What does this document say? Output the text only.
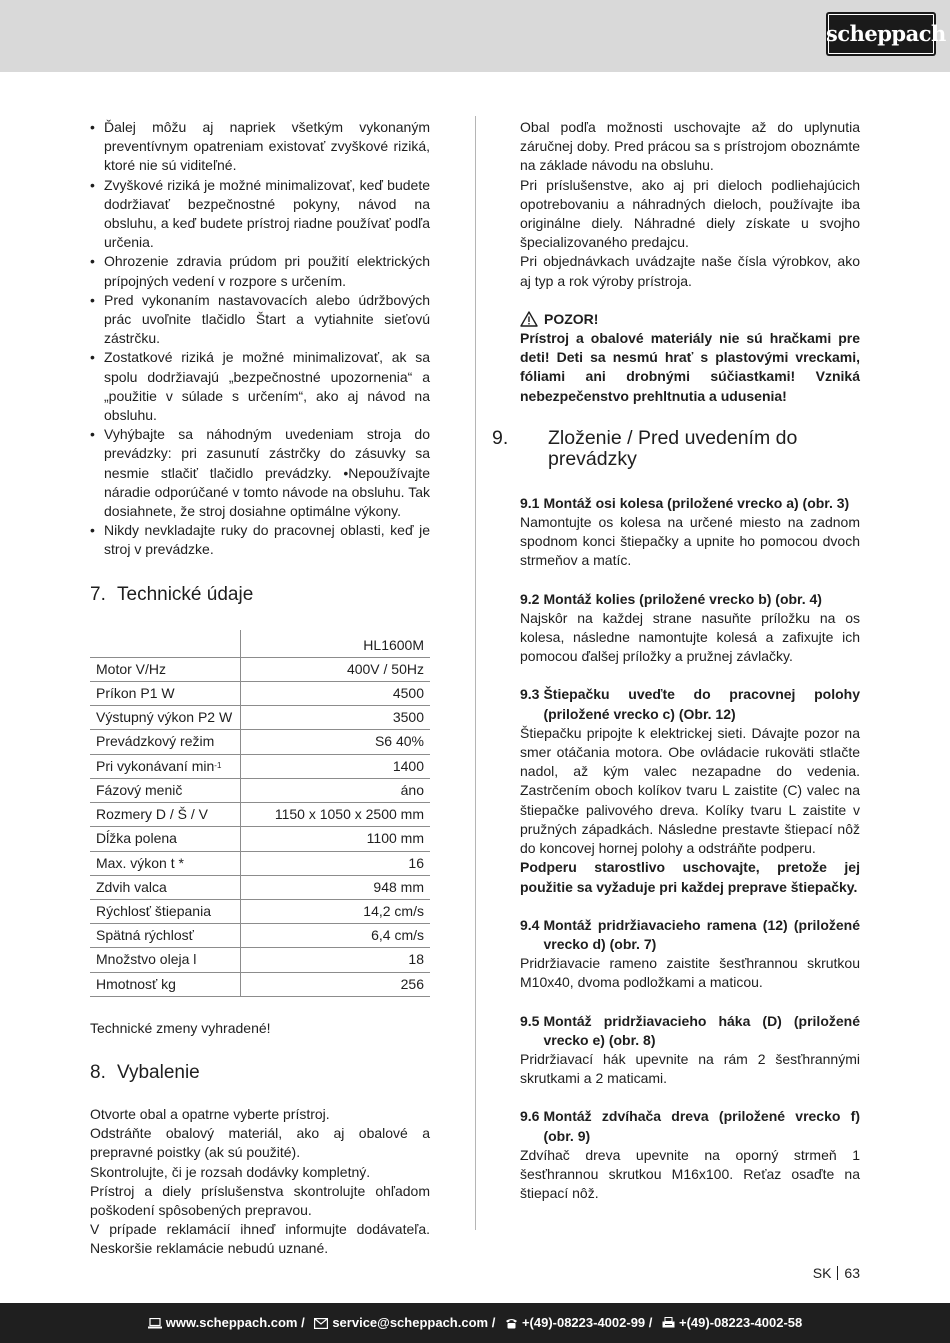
scheppach
• Ďalej môžu aj napriek všetkým vykonaným preventívnym opatreniam existovať zvyškové riziká, ktoré nie sú viditeľné.
• Zvyškové riziká je možné minimalizovať, keď budete dodržiavať bezpečnostné pokyny, návod na obsluhu, a keď budete prístroj riadne používať podľa určenia.
• Ohrozenie zdravia prúdom pri použití elektrických prípojných vedení v rozpore s určením.
• Pred vykonaním nastavovacích alebo údržbových prác uvoľnite tlačidlo Štart a vytiahnite sieťovú zástrčku.
• Zostatkové riziká je možné minimalizovať, ak sa spolu dodržiavajú „bezpečnostné upozornenia“ a „použitie v súlade s určením“, ako aj návod na obsluhu.
• Vyhýbajte sa náhodným uvedeniam stroja do prevádzky: pri zasunutí zástrčky do zásuvky sa nesmie stlačiť tlačidlo prevádzky. •Nepoužívajte náradie odporúčané v tomto návode na obsluhu. Tak dosiahnete, že stroj dosiahne optimálne výkony.
• Nikdy nevkladajte ruky do pracovnej oblasti, keď je stroj v prevádzke.
7. Technické údaje
	HL1600M
Motor V/Hz	400V / 50Hz
Príkon P1 W	4500

Výstupný výkon P2 W	3500
Prevádzkový režim	S6 40%
Pri vykonávaní $\min^{-1}$	1400
Fázový menič	áno
Rozmery D / Š / V	1150 x 1050 x 2500 mm
Dĺžka polena	1100 mm
Max. výkon t *	16
Zdvih valca	948 mm
Rýchlosť štiepania	14,2 cm/s
Spätná rýchlosť	6,4 cm/s
Množstvo oleja l	18
Hmotnosť kg	256

Technické zmeny vyhradené!

8. Vybalenie

Otvorte obal a opatrne vyberte prístroj.
Odstráňte obalový materiál, ako aj obalové a prepravné poistky (ak sú použité).
Skontrolujte, či je rozsah dodávky kompletný.
Prístroj a diely príslušenstva skontrolujte ohľadom poškodení spôsobených prepravou.
V prípade reklamácií ihneď informujte dodávateľa. Neskoršie reklamácie nebudú uznané.

Obal podľa možnosti uschovajte až do uplynutia záručnej doby. Pred prácou sa s prístrojom oboznámte na základe návodu na obsluhu.
Pri príslušenstve, ako aj pri dieloch podliehajúcich opotrebovaniu a náhradných dieloch, používajte iba originálne diely. Náhradné diely získate u svojho špecializovaného predajcu.
Pri objednávkach uvádzajte naše čísla výrobkov, ako aj typ a rok výroby prístroja.

POZOR!

Prístroj a obalové materiály nie sú hračkami pre deti! Deti sa nesmú hrať s plastovými vreckami, fóliami ani drobnými súčiastkami! Vzniká nebezpečenstvo prehltnutia a udusenia!

9. Zloženie / Pred uvedením do prevádzky
9.1 Montáž osi kolesa (priložené vrecko a) (obr. 3)

Namontujte os kolesa na určené miesto na zadnom spodnom konci štiepačky a upnite ho pomocou dvoch strmeňov a matíc.

9.2 Montáž kolies (priložené vrecko b) (obr. 4)

Najskôr na každej strane nasuňte príložku na os kolesa, následne namontujte kolesá a zafixujte ich pomocou ďalšej príložky a pružnej závlačky.

9.3 Štiepačku uveďte do pracovnej polohy (priložené vrecko c) (Obr. 12)

Štiepačku pripojte k elektrickej sieti. Dávajte pozor na smer otáčania motora. Obe ovládacie rukoväti stlačte nadol, až kým valec nezapadne do vedenia. Zastrčením oboch kolíkov tvaru L zaistite (C) valec na štiepačke palivového dreva. Kolíky tvaru L zaistite v pružných západkách. Následne prestavte štiepací nôž do koncovej hornej polohy a odstráňte podperu.

Podperu starostlivo uschovajte, pretože jej použitie sa vyžaduje pri každej preprave štiepačky.

9.4 Montáž pridržiavacieho ramena (12) (priložené vrecko d) (obr. 7)

Pridržiavacie rameno zaistite šesťhrannou skrutkou M10x40, dvoma podložkami a maticou.

9.5 Montáž pridržiavacieho háka (D) (priložené vrecko e) (obr. 8)

Pridržiavací hák upevnite na rám 2 šesťhrannými skrutkami a 2 maticami.

9.6 Montáž zdvíhača dreva (priložené vrecko f) (obr. 9)

Zdvíhač dreva upevnite na oporný strmeň 1 šesťhrannou skrutkou M16x100. Reťaz osaďte na štiepací nôž.

SK 63
www.scheppach.com / service@scheppach.com / +(49)-08223-4002-99 / +(49)-08223-4002-58
